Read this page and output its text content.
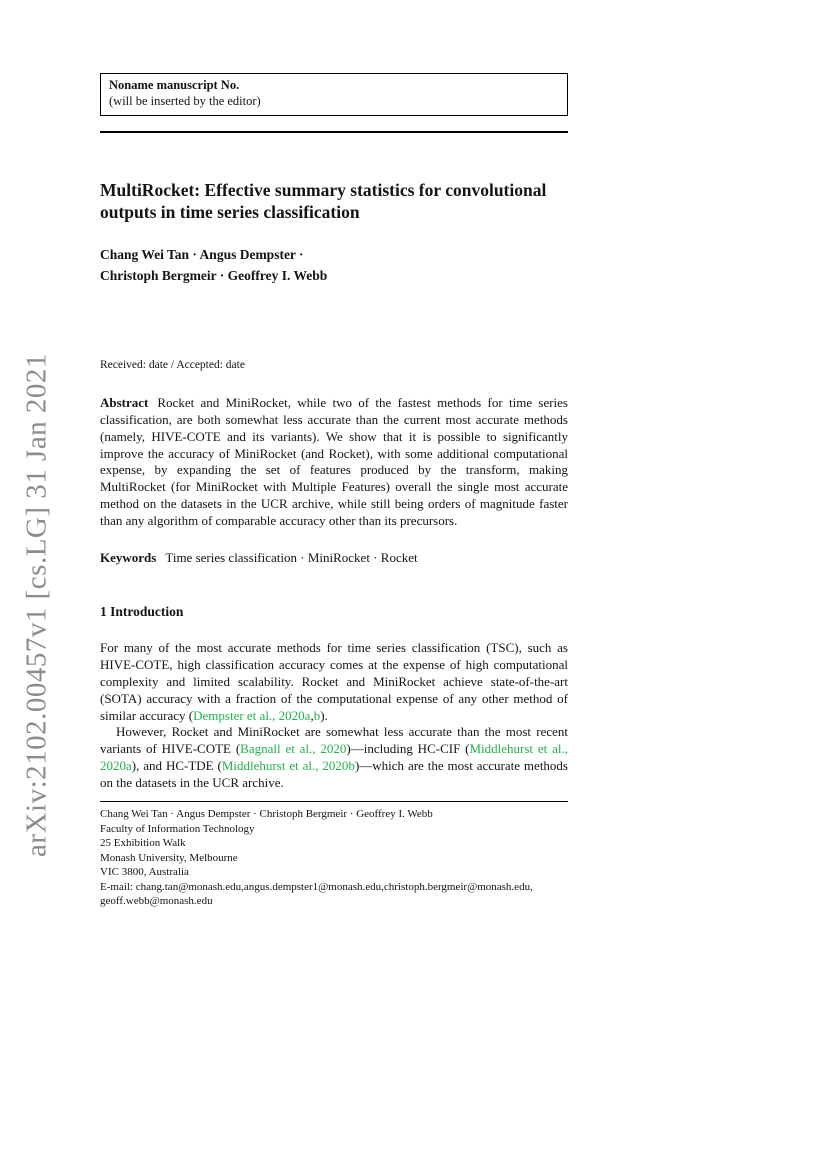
arXiv:2102.00457v1 [cs.LG] 31 Jan 2021
Noname manuscript No.
(will be inserted by the editor)
MultiRocket: Effective summary statistics for convolutional outputs in time series classification
Chang Wei Tan · Angus Dempster ·
Christoph Bergmeir · Geoffrey I. Webb
Received: date / Accepted: date
Abstract Rocket and MiniRocket, while two of the fastest methods for time series classification, are both somewhat less accurate than the current most accurate methods (namely, HIVE-COTE and its variants). We show that it is possible to significantly improve the accuracy of MiniRocket (and Rocket), with some additional computational expense, by expanding the set of features produced by the transform, making MultiRocket (for MiniRocket with Multiple Features) overall the single most accurate method on the datasets in the UCR archive, while still being orders of magnitude faster than any algorithm of comparable accuracy other than its precursors.
Keywords Time series classification · MiniRocket · Rocket
1 Introduction
For many of the most accurate methods for time series classification (TSC), such as HIVE-COTE, high classification accuracy comes at the expense of high computational complexity and limited scalability. Rocket and MiniRocket achieve state-of-the-art (SOTA) accuracy with a fraction of the computational expense of any other method of similar accuracy (Dempster et al., 2020a,b).
However, Rocket and MiniRocket are somewhat less accurate than the most recent variants of HIVE-COTE (Bagnall et al., 2020)—including HC-CIF (Middlehurst et al., 2020a), and HC-TDE (Middlehurst et al., 2020b)—which are the most accurate methods on the datasets in the UCR archive.
Chang Wei Tan · Angus Dempster · Christoph Bergmeir · Geoffrey I. Webb
Faculty of Information Technology
25 Exhibition Walk
Monash University, Melbourne
VIC 3800, Australia
E-mail: chang.tan@monash.edu,angus.dempster1@monash.edu,christoph.bergmeir@monash.edu, geoff.webb@monash.edu
